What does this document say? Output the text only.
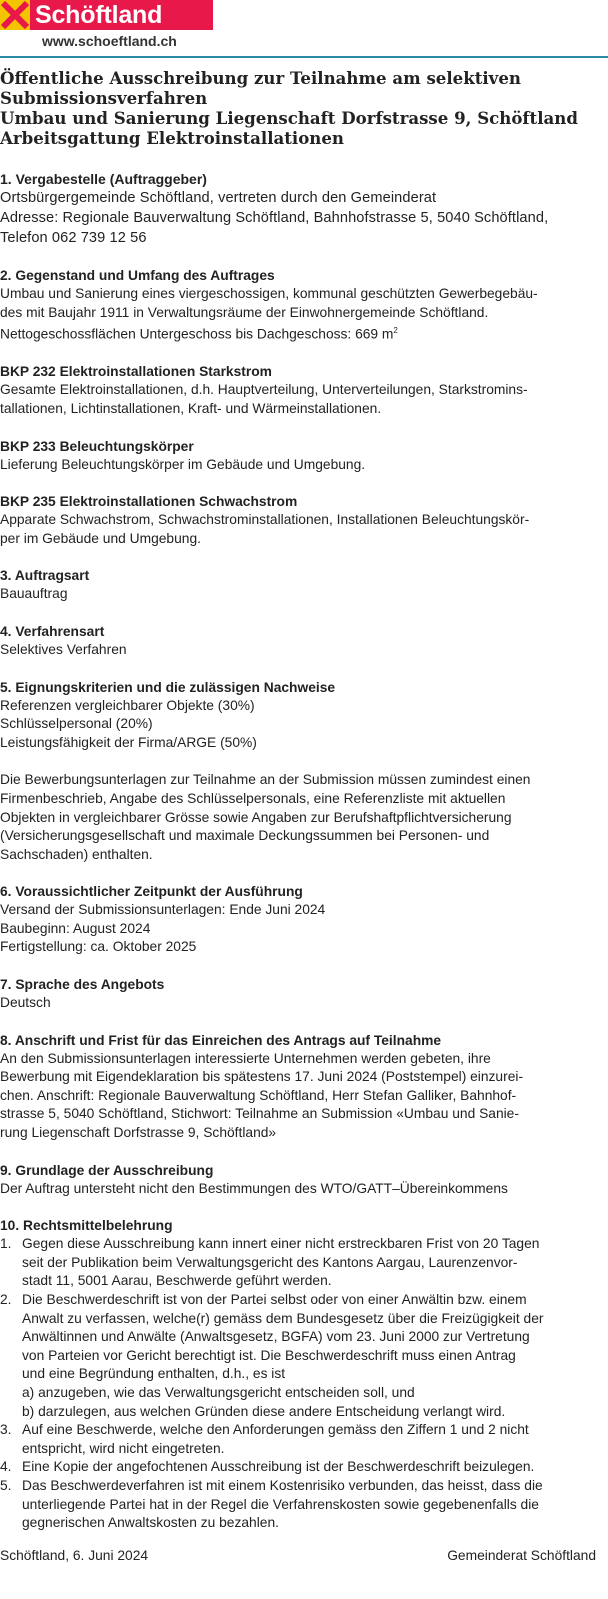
Schöftland
www.schoeftland.ch
Öffentliche Ausschreibung zur Teilnahme am selektiven
Submissionsverfahren
Umbau und Sanierung Liegenschaft Dorfstrasse 9, Schöftland
Arbeitsgattung Elektroinstallationen
1. Vergabestelle (Auftraggeber)

Ortsbürgergemeinde Schöftland, vertreten durch den Gemeinderat

Adresse: Regionale Bauverwaltung Schöftland, Bahnhofstrasse 5, 5040 Schöftland,

Telefon 062 739 12 56

2. Gegenstand und Umfang des Auftrages

Umbau und Sanierung eines viergeschossigen, kommunal geschützten Gewerbegebäu-

des mit Baujahr 1911 in Verwaltungsräume der Einwohnergemeinde Schöftland.

Nettogeschossflächen Untergeschoss bis Dachgeschoss: 669 $m^2$

BKP 232 Elektroinstallationen Starkstrom

Gesamte Elektroinstallationen, d.h. Hauptverteilung, Unterverteilungen, Starkstromins-

tallationen, Lichtinstallationen, Kraft- und Wärmeinstallationen.

BKP 233 Beleuchtungskörper

Lieferung Beleuchtungskörper im Gebäude und Umgebung.

BKP 235 Elektroinstallationen Schwachstrom

Apparate Schwachstrom, Schwachstrominstallationen, Installationen Beleuchtungskör-

per im Gebäude und Umgebung.

3. Auftragsart

Bauauftrag

4. Verfahrensart

Selektives Verfahren

5. Eignungskriterien und die zulässigen Nachweise

Referenzen vergleichbarer Objekte (30%)

Schlüsselpersonal (20%)

Leistungsfähigkeit der Firma/ARGE (50%)

Die Bewerbungsunterlagen zur Teilnahme an der Submission müssen zumindest einen

Firmenbeschrieb, Angabe des Schlüsselpersonals, eine Referenzliste mit aktuellen

Objekten in vergleichbarer Grösse sowie Angaben zur Berufshaftpflichtversicherung

(Versicherungsgesellschaft und maximale Deckungssummen bei Personen- und

Sachschaden) enthalten.

6. Voraussichtlicher Zeitpunkt der Ausführung

Versand der Submissionsunterlagen: Ende Juni 2024

Baubeginn: August 2024

Fertigstellung: ca. Oktober 2025

7. Sprache des Angebots

Deutsch

8. Anschrift und Frist für das Einreichen des Antrags auf Teilnahme

An den Submissionsunterlagen interessierte Unternehmen werden gebeten, ihre

Bewerbung mit Eigendeklaration bis spätestens 17. Juni 2024 (Poststempel) einzurei-

chen. Anschrift: Regionale Bauverwaltung Schöftland, Herr Stefan Galliker, Bahnhof-

strasse 5, 5040 Schöftland, Stichwort: Teilnahme an Submission «Umbau und Sanie-

rung Liegenschaft Dorfstrasse 9, Schöftland»

9. Grundlage der Ausschreibung

Der Auftrag untersteht nicht den Bestimmungen des WTO/GATT–Übereinkommens

10. Rechtsmittelbelehrung
1. Gegen diese Ausschreibung kann innert einer nicht erstreckbaren Frist von 20 Tagen
seit der Publikation beim Verwaltungsgericht des Kantons Aargau, Laurenzenvor-
stadt 11, 5001 Aarau, Beschwerde geführt werden.
2. Die Beschwerdeschrift ist von der Partei selbst oder von einer Anwältin bzw. einem
Anwalt zu verfassen, welche(r) gemäss dem Bundesgesetz über die Freizügigkeit der
Anwältinnen und Anwälte (Anwaltsgesetz, BGFA) vom 23. Juni 2000 zur Vertretung
von Parteien vor Gericht berechtigt ist. Die Beschwerdeschrift muss einen Antrag
und eine Begründung enthalten, d.h., es ist
a) anzugeben, wie das Verwaltungsgericht entscheiden soll, und
b) darzulegen, aus welchen Gründen diese andere Entscheidung verlangt wird.
3. Auf eine Beschwerde, welche den Anforderungen gemäss den Ziffern 1 und 2 nicht
entspricht, wird nicht eingetreten.
4. Eine Kopie der angefochtenen Ausschreibung ist der Beschwerdeschrift beizulegen.
5. Das Beschwerdeverfahren ist mit einem Kostenrisiko verbunden, das heisst, dass die
unterliegende Partei hat in der Regel die Verfahrenskosten sowie gegebenenfalls die
gegnerischen Anwaltskosten zu bezahlen.
Schöftland, 6. Juni 2024	Gemeinderat Schöftland
